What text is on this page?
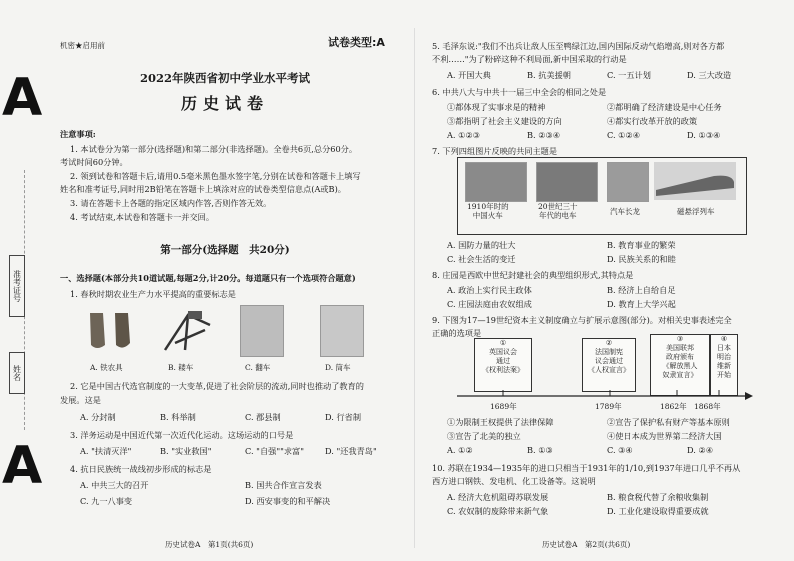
A
A
准考证号
姓名
机密★启用前	试卷类型:A
2022年陕西省初中学业水平考试
历史试卷
注意事项:
1. 本试卷分为第一部分(选择题)和第二部分(非选择题)。全卷共6页,总分60分。
考试时间60分钟。
2. 领到试卷和答题卡后,请用0.5毫米黑色墨水签字笔,分别在试卷和答题卡上填写
姓名和准考证号,同时用2B铅笔在答题卡上填涂对应的试卷类型信息点(A或B)。
3. 请在答题卡上各题的指定区域内作答,否则作答无效。
4. 考试结束,本试卷和答题卡一并交回。
第一部分(选择题　共20分)
一、选择题(本部分共10道试题,每题2分,计20分。每道题只有一个选项符合题意)
1. 春秋时期农业生产力水平提高的重要标志是
A. 铁农具	B. 耧车	C. 翻车	D. 筒车
2. 它是中国古代选官制度的一大变革,促进了社会阶层的流动,同时也推动了教育的
发展。这是
A. 分封制	B. 科举制	C. 郡县制	D. 行省制
3. 洋务运动是中国近代第一次近代化运动。这场运动的口号是
A. "扶清灭洋"	B. "实业救国"	C. "自强""求富"	D. "还我青岛"
4. 抗日民族统一战线初步形成的标志是
A. 中共三大的召开	B. 国共合作宣言发表
C. 九一八事变	D. 西安事变的和平解决
历史试卷A　第1页(共6页)
5. 毛泽东说:"我们不出兵让敌人压至鸭绿江边,国内国际反动气焰增高,则对各方都
不利……"为了粉碎这种不利局面,新中国采取的行动是
A. 开国大典	B. 抗美援朝	C. 一五计划	D. 三大改造
6. 中共八大与中共十一届三中全会的相同之处是
①都体现了实事求是的精神	②都明确了经济建设是中心任务
③都指明了社会主义建设的方向	④都实行改革开放的政策
A. ①②③	B. ②③④	C. ①②④	D. ①③④
7. 下列四组图片反映的共同主题是
1910年时的
中国火车
20世纪三十
年代的电车	汽车长龙	磁悬浮列车
A. 国防力量的壮大	B. 教育事业的繁荣
C. 社会生活的变迁	D. 民族关系的和睦
8. 庄园是西欧中世纪封建社会的典型组织形式,其特点是
A. 政治上实行民主政体	B. 经济上自给自足
C. 庄园法庭由农奴组成	D. 教育上大学兴起
9. 下图为17—19世纪资本主义制度确立与扩展示意图(部分)。对相关史事表述完全
正确的选项是
①
英国议会
通过
《权利法案》
②
法国制宪
议会通过
《人权宣言》
③
美国联邦
政府颁布
《解放黑人
奴隶宣言》
④
日本
明治
维新
开始
1689年	1789年	1862年 1868年
①为限制王权提供了法律保障	②宣告了保护私有财产等基本原则
③宣告了北美的独立	④使日本成为世界第二经济大国
A. ①②	B. ①③	C. ③④	D. ②④
10. 苏联在1934—1935年的进口只相当于1931年的1/10,到1937年进口几乎不再从
西方进口钢铁、发电机、化工设备等。这说明
A. 经济大危机阻碍苏联发展	B. 粮食税代替了余粮收集制
C. 农奴制的废除带来新气象	D. 工业化建设取得重要成就
历史试卷A　第2页(共6页)
